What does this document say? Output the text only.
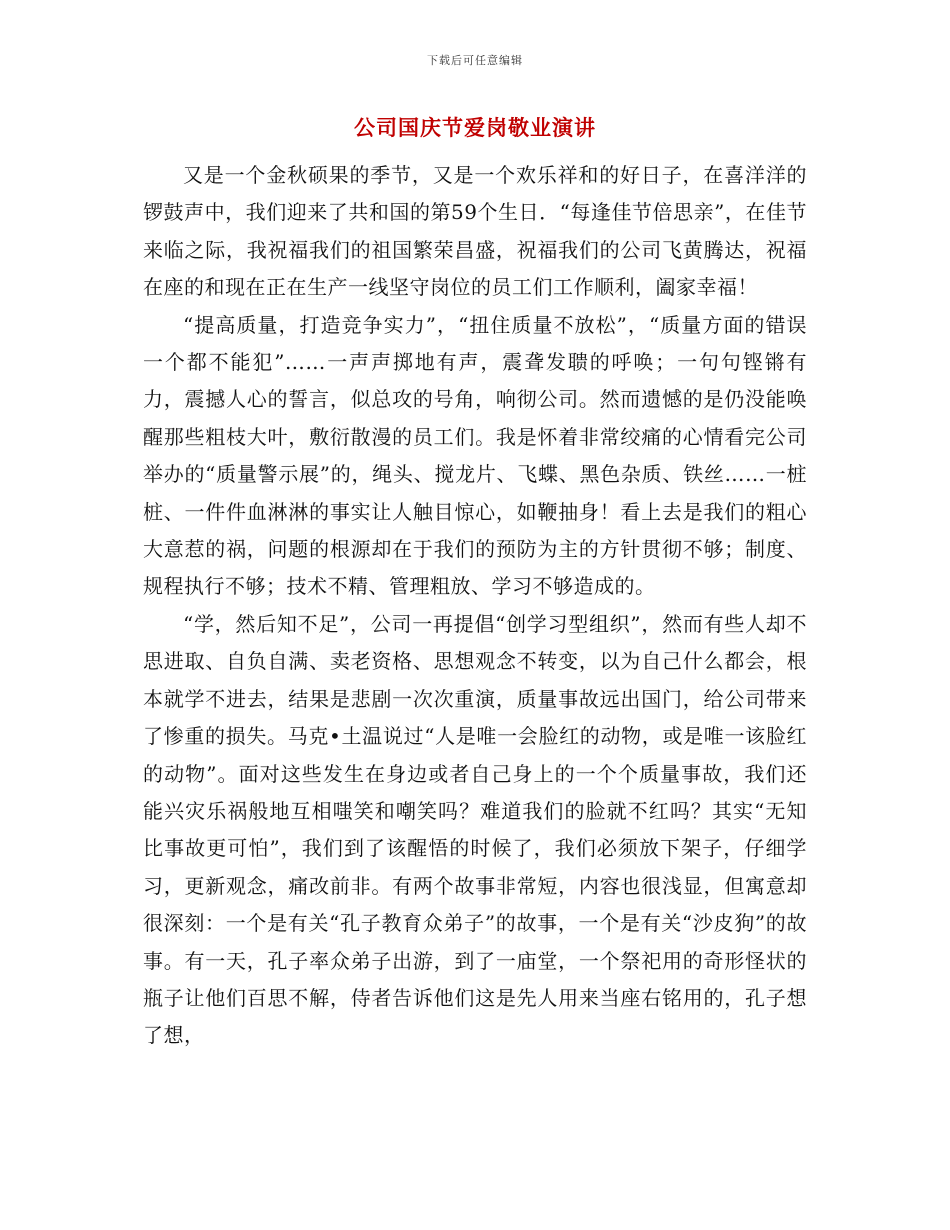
下载后可任意编辑
公司国庆节爱岗敬业演讲

又是一个金秋硕果的季节，又是一个欢乐祥和的好日子，在喜洋洋的锣鼓声中，我们迎来了共和国的第59个生日．“每逢佳节倍思亲”，在佳节来临之际，我祝福我们的祖国繁荣昌盛，祝福我们的公司飞黄腾达，祝福在座的和现在正在生产一线坚守岗位的员工们工作顺利，阖家幸福！

“提高质量，打造竞争实力”，“扭住质量不放松”，“质量方面的错误一个都不能犯”……一声声掷地有声，震聋发聩的呼唤；一句句铿锵有力，震撼人心的誓言，似总攻的号角，响彻公司。然而遗憾的是仍没能唤醒那些粗枝大叶，敷衍散漫的员工们。我是怀着非常绞痛的心情看完公司举办的“质量警示展”的，绳头、搅龙片、飞蝶、黑色杂质、铁丝……一桩桩、一件件血淋淋的事实让人触目惊心，如鞭抽身！看上去是我们的粗心大意惹的祸，问题的根源却在于我们的预防为主的方针贯彻不够；制度、规程执行不够；技术不精、管理粗放、学习不够造成的。

“学，然后知不足”，公司一再提倡“创学习型组织”，然而有些人却不思进取、自负自满、卖老资格、思想观念不转变，以为自己什么都会，根本就学不进去，结果是悲剧一次次重演，质量事故远出国门，给公司带来了惨重的损失。马克•土温说过“人是唯一会脸红的动物，或是唯一该脸红的动物”。面对这些发生在身边或者自己身上的一个个质量事故，我们还能兴灾乐祸般地互相嗤笑和嘲笑吗？难道我们的脸就不红吗？其实“无知比事故更可怕”，我们到了该醒悟的时候了，我们必须放下架子，仔细学习，更新观念，痛改前非。有两个故事非常短，内容也很浅显，但寓意却很深刻：一个是有关“孔子教育众弟子”的故事，一个是有关“沙皮狗”的故事。有一天，孔子率众弟子出游，到了一庙堂，一个祭祀用的奇形怪状的瓶子让他们百思不解，侍者告诉他们这是先人用来当座右铭用的，孔子想了想，
